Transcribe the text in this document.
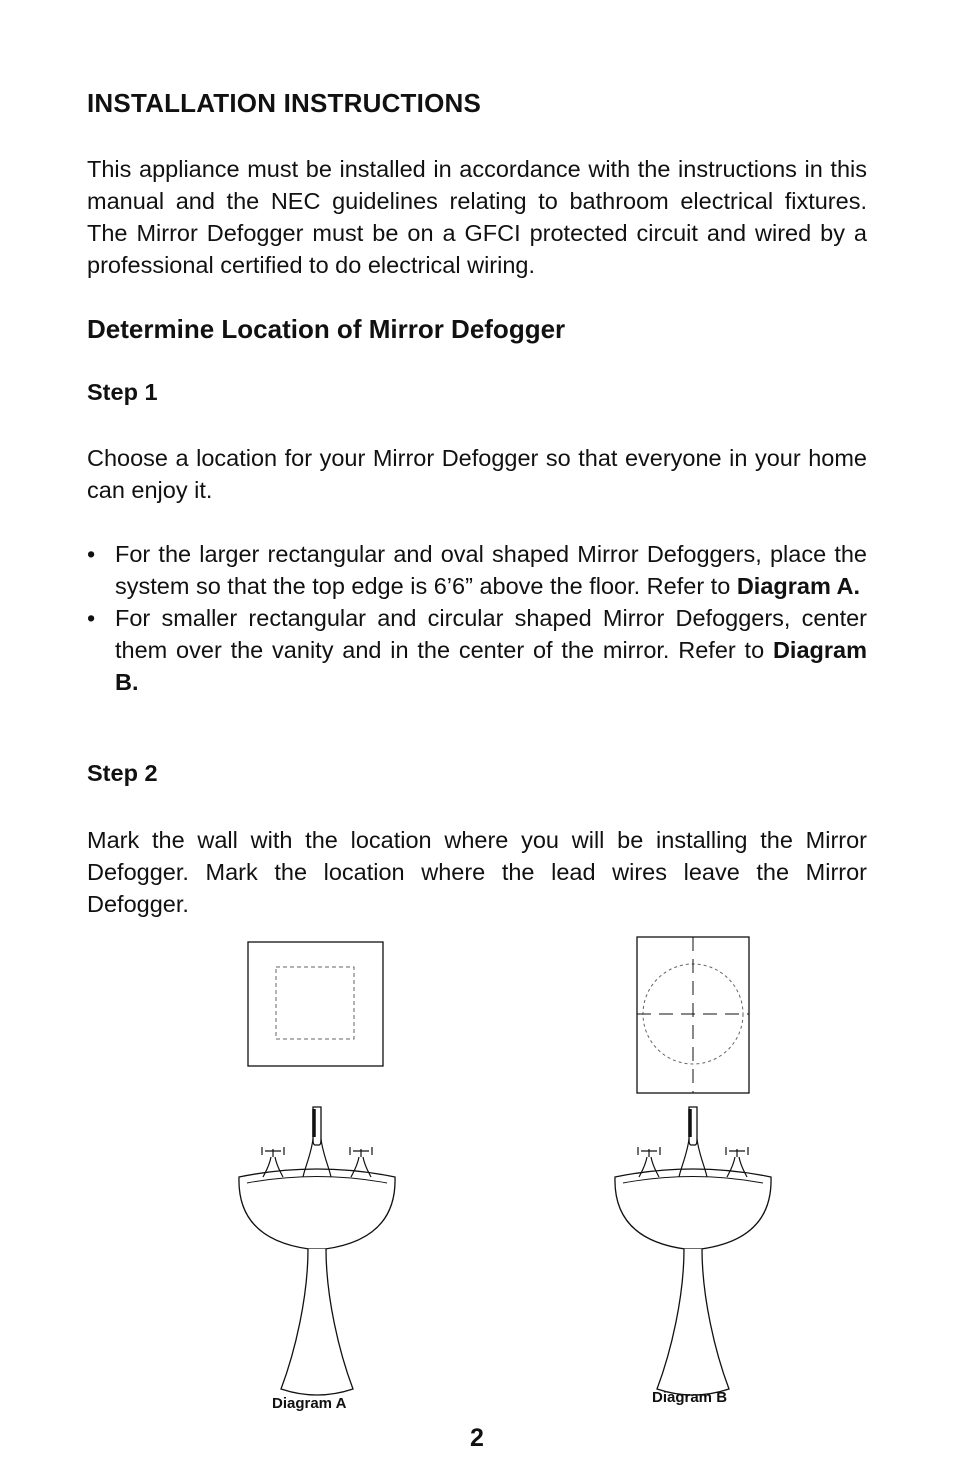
INSTALLATION INSTRUCTIONS

This appliance must be installed in accordance with the instructions in this manual and the NEC guidelines relating to bathroom electrical fixtures. The Mirror Defogger must be on a GFCI protected circuit and wired by a professional certified to do electrical wiring.

Determine Location of Mirror Defogger
Step 1

Choose a location for your Mirror Defogger so that everyone in your home can enjoy it.

• For the larger rectangular and oval shaped Mirror Defoggers, place the system so that the top edge is 6’6” above the floor. Refer to Diagram A.
• For smaller rectangular and circular shaped Mirror Defoggers, center them over the vanity and in the center of the mirror. Refer to Diagram B.
Step 2

Mark the wall with the location where you will be installing the Mirror Defogger. Mark the location where the lead wires leave the Mirror Defogger.

Diagram A	Diagram B
2
